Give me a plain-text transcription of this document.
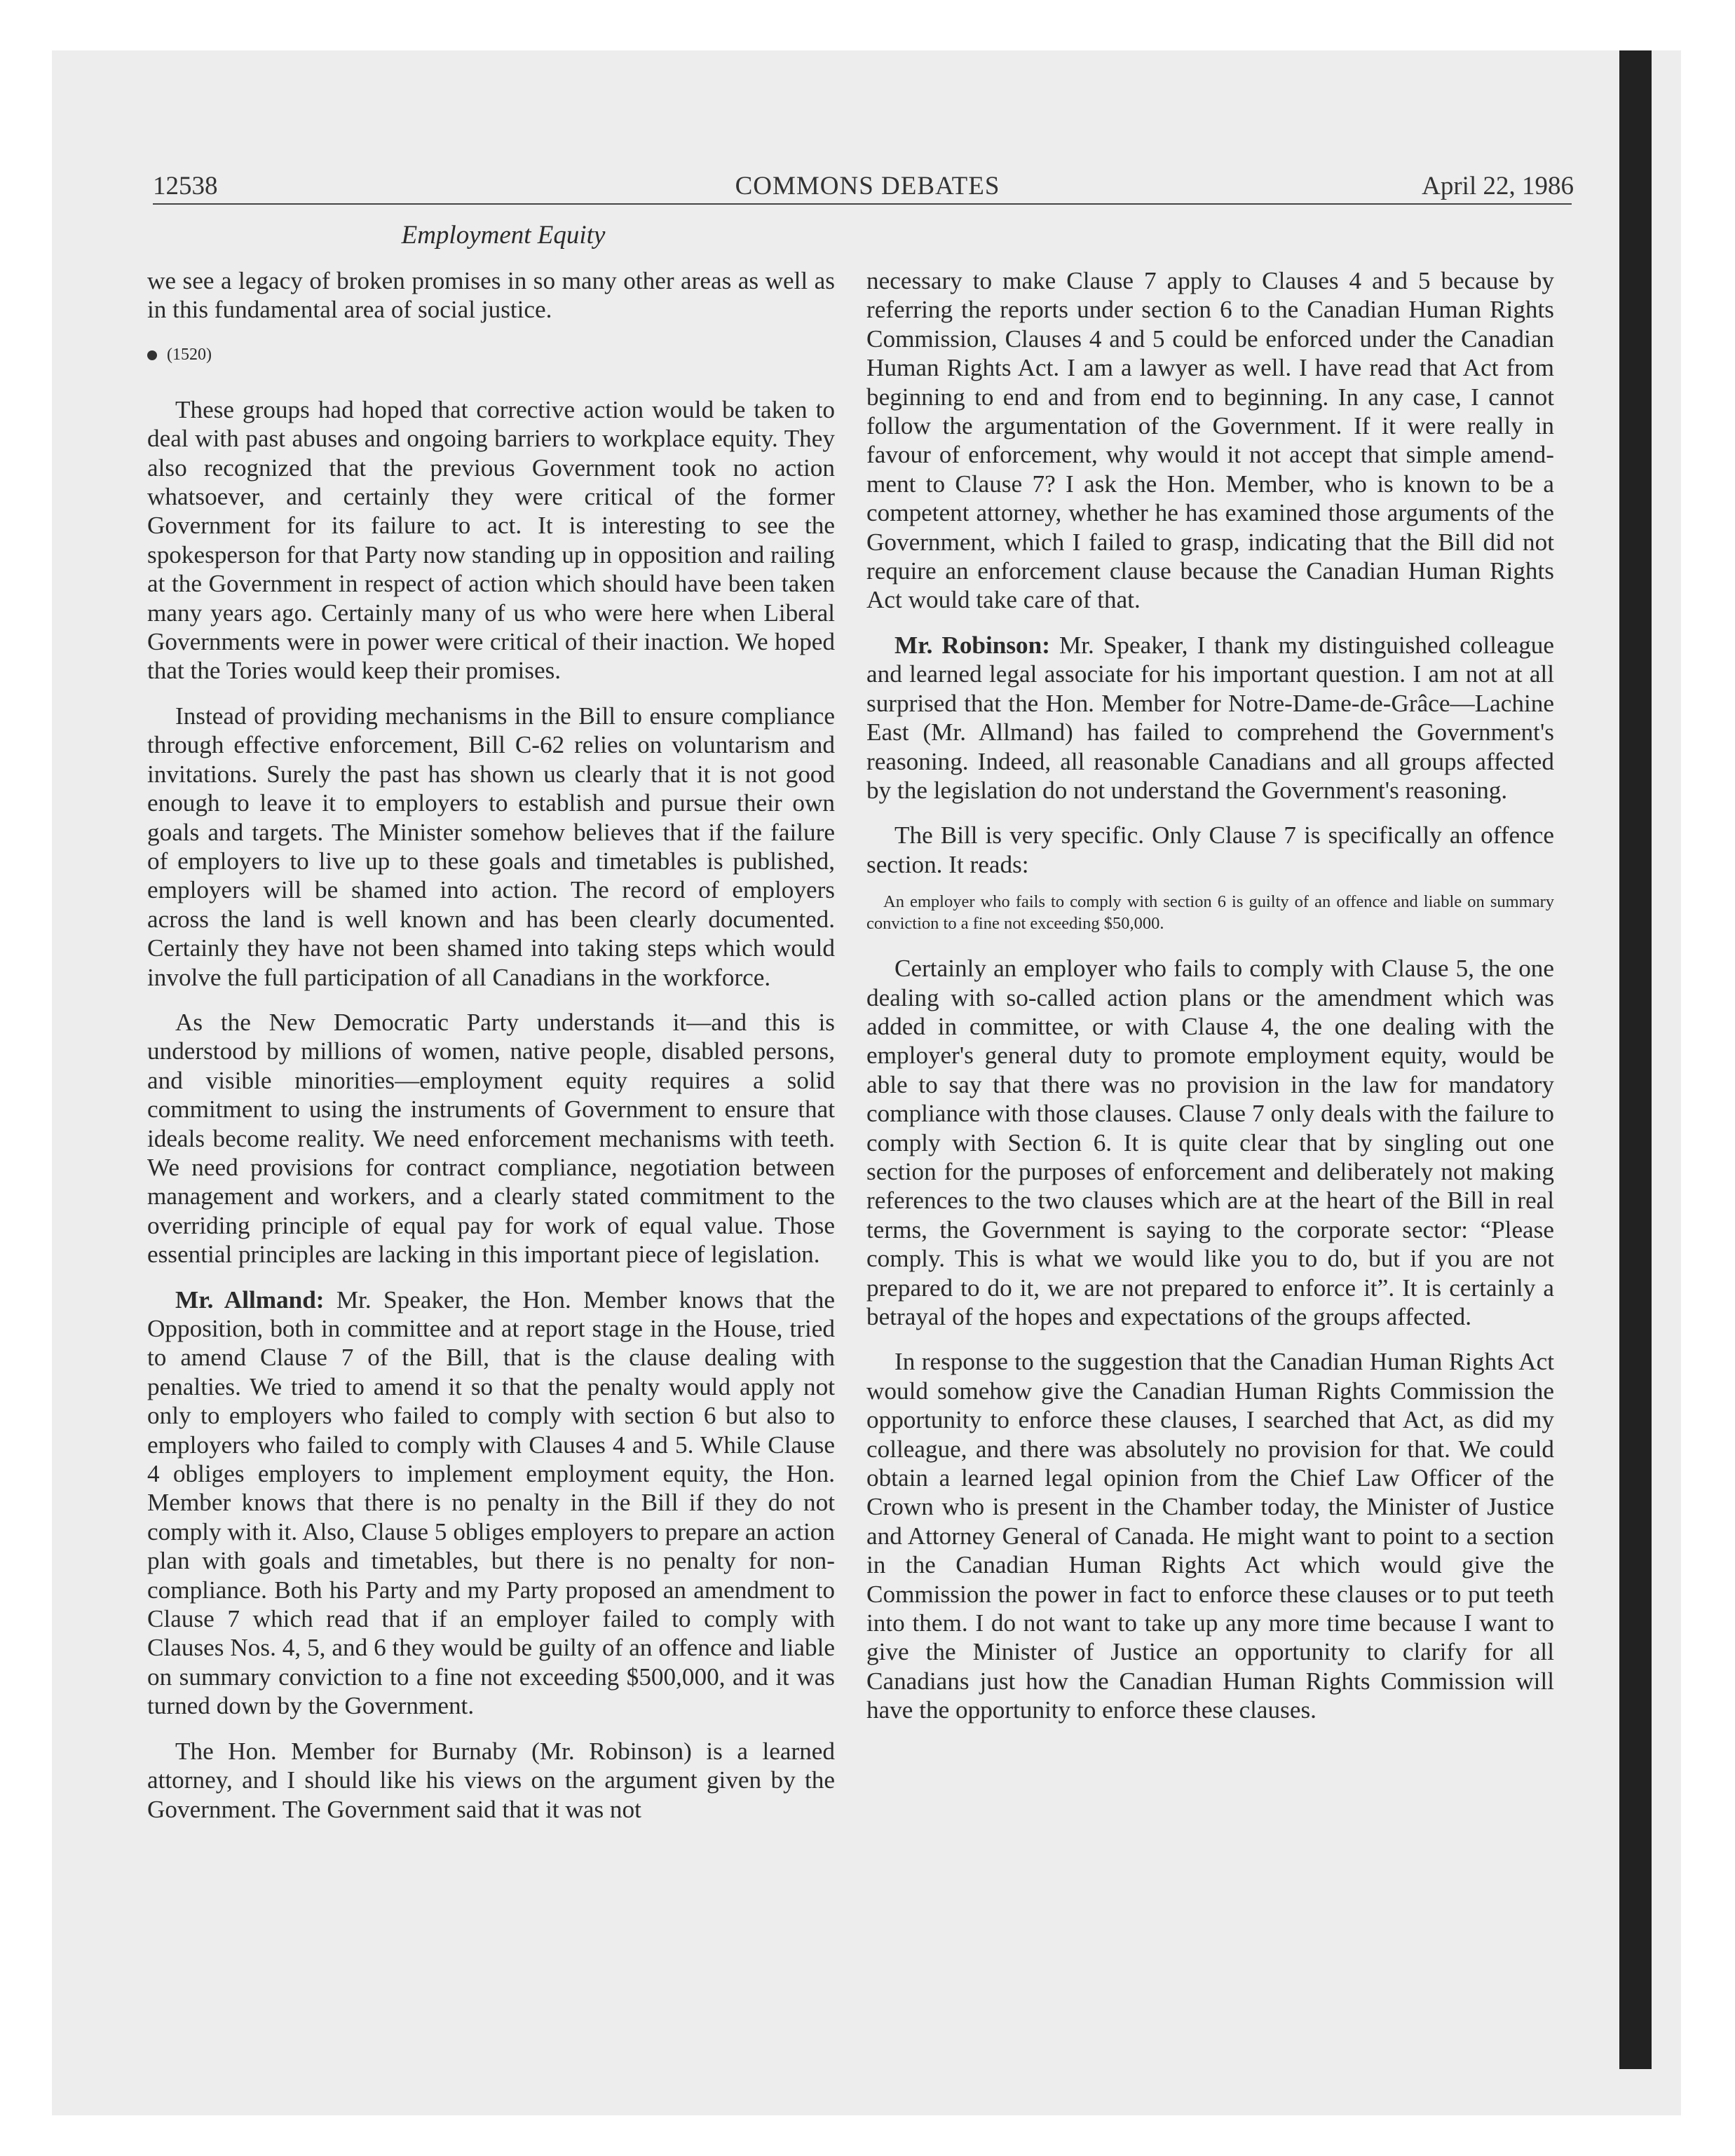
12538	COMMONS DEBATES	April 22, 1986
Employment Equity

we see a legacy of broken promises in so many other areas as well as in this fundamental area of social justice.

(1520)

These groups had hoped that corrective action would be taken to deal with past abuses and ongoing barriers to workplace equity. They also recognized that the previous Government took no action whatsoever, and certainly they were critical of the former Government for its failure to act. It is interesting to see the spokesperson for that Party now standing up in opposition and railing at the Government in respect of action which should have been taken many years ago. Certainly many of us who were here when Liberal Governments were in power were critical of their inaction. We hoped that the Tories would keep their promises.

Instead of providing mechanisms in the Bill to ensure compliance through effective enforcement, Bill C-62 relies on voluntarism and invitations. Surely the past has shown us clearly that it is not good enough to leave it to employers to establish and pursue their own goals and targets. The Minister somehow believes that if the failure of employers to live up to these goals and timetables is published, employers will be shamed into action. The record of employers across the land is well known and has been clearly documented. Certainly they have not been shamed into taking steps which would involve the full participation of all Canadians in the workforce.

As the New Democratic Party understands it—and this is understood by millions of women, native people, disabled persons, and visible minorities—employment equity requires a solid commitment to using the instruments of Government to ensure that ideals become reality. We need enforcement mechanisms with teeth. We need provisions for contract compliance, negotiation between management and workers, and a clearly stated commitment to the overriding principle of equal pay for work of equal value. Those essential principles are lacking in this important piece of legislation.

Mr. Allmand: Mr. Speaker, the Hon. Member knows that the Opposition, both in committee and at report stage in the House, tried to amend Clause 7 of the Bill, that is the clause dealing with penalties. We tried to amend it so that the penalty would apply not only to employers who failed to comply with section 6 but also to employers who failed to comply with Clauses 4 and 5. While Clause 4 obliges employers to implement employment equity, the Hon. Member knows that there is no penalty in the Bill if they do not comply with it. Also, Clause 5 obliges employers to prepare an action plan with goals and timetables, but there is no penalty for non-compliance. Both his Party and my Party proposed an amendment to Clause 7 which read that if an employer failed to comply with Clauses Nos. 4, 5, and 6 they would be guilty of an offence and liable on summary conviction to a fine not exceeding $500,000, and it was turned down by the Government.

The Hon. Member for Burnaby (Mr. Robinson) is a learned attorney, and I should like his views on the argument given by the Government. The Government said that it was not

necessary to make Clause 7 apply to Clauses 4 and 5 because by referring the reports under section 6 to the Canadian Human Rights Commission, Clauses 4 and 5 could be enforced under the Canadian Human Rights Act. I am a lawyer as well. I have read that Act from beginning to end and from end to beginning. In any case, I cannot follow the argumentation of the Government. If it were really in favour of enforcement, why would it not accept that simple amendment to Clause 7? I ask the Hon. Member, who is known to be a competent attorney, whether he has examined those arguments of the Government, which I failed to grasp, indicating that the Bill did not require an enforcement clause because the Canadian Human Rights Act would take care of that.

Mr. Robinson: Mr. Speaker, I thank my distinguished colleague and learned legal associate for his important question. I am not at all surprised that the Hon. Member for Notre-Dame-de-Grâce—Lachine East (Mr. Allmand) has failed to comprehend the Government's reasoning. Indeed, all reasonable Canadians and all groups affected by the legislation do not understand the Government's reasoning.

The Bill is very specific. Only Clause 7 is specifically an offence section. It reads:

An employer who fails to comply with section 6 is guilty of an offence and liable on summary conviction to a fine not exceeding $50,000.

Certainly an employer who fails to comply with Clause 5, the one dealing with so-called action plans or the amendment which was added in committee, or with Clause 4, the one dealing with the employer's general duty to promote employment equity, would be able to say that there was no provision in the law for mandatory compliance with those clauses. Clause 7 only deals with the failure to comply with Section 6. It is quite clear that by singling out one section for the purposes of enforcement and deliberately not making references to the two clauses which are at the heart of the Bill in real terms, the Government is saying to the corporate sector: “Please comply. This is what we would like you to do, but if you are not prepared to do it, we are not prepared to enforce it”. It is certainly a betrayal of the hopes and expectations of the groups affected.

In response to the suggestion that the Canadian Human Rights Act would somehow give the Canadian Human Rights Commission the opportunity to enforce these clauses, I searched that Act, as did my colleague, and there was absolutely no provision for that. We could obtain a learned legal opinion from the Chief Law Officer of the Crown who is present in the Chamber today, the Minister of Justice and Attorney General of Canada. He might want to point to a section in the Canadian Human Rights Act which would give the Commission the power in fact to enforce these clauses or to put teeth into them. I do not want to take up any more time because I want to give the Minister of Justice an opportunity to clarify for all Canadians just how the Canadian Human Rights Commission will have the opportunity to enforce these clauses.
